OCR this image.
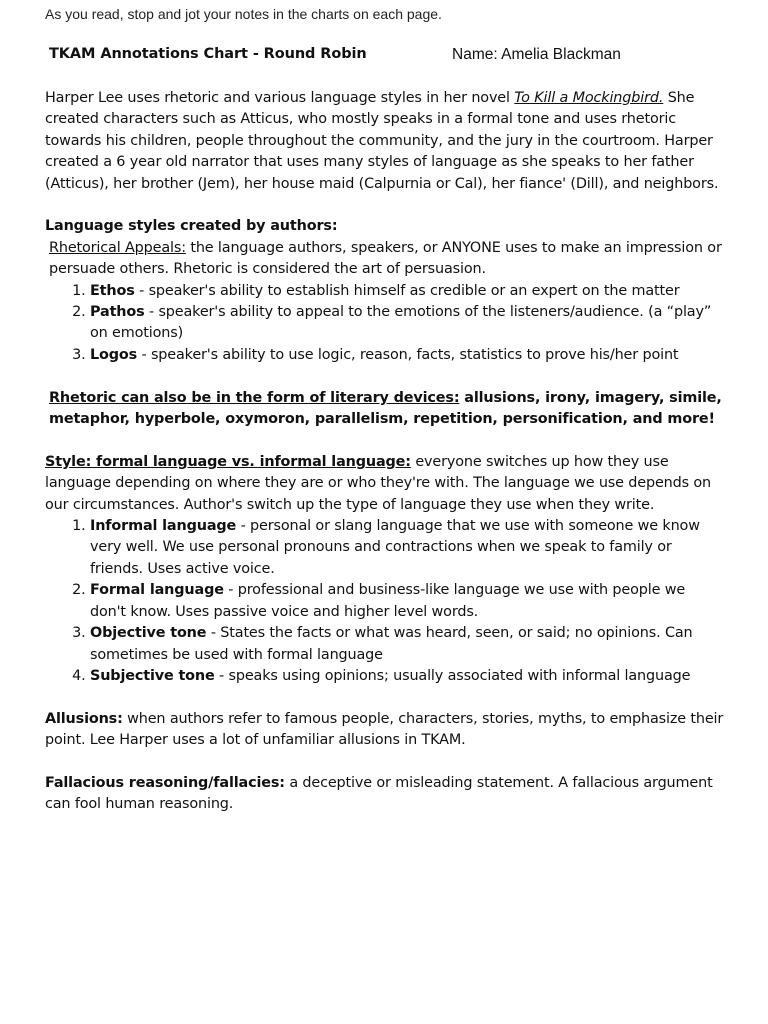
As you read, stop and jot your notes in the charts on each page.
TKAM Annotations Chart - Round Robin	Name: Amelia Blackman

Harper Lee uses rhetoric and various language styles in her novel To Kill a Mockingbird. She created characters such as Atticus, who mostly speaks in a formal tone and uses rhetoric towards his children, people throughout the community, and the jury in the courtroom. Harper created a 6 year old narrator that uses many styles of language as she speaks to her father (Atticus), her brother (Jem), her house maid (Calpurnia or Cal), her fiance' (Dill), and neighbors.

Language styles created by authors:

Rhetorical Appeals: the language authors, speakers, or ANYONE uses to make an impression or persuade others. Rhetoric is considered the art of persuasion.

1. Ethos - speaker's ability to establish himself as credible or an expert on the matter
2. Pathos - speaker's ability to appeal to the emotions of the listeners/audience. (a “play” on emotions)
3. Logos - speaker's ability to use logic, reason, facts, statistics to prove his/her point

Rhetoric can also be in the form of literary devices: allusions, irony, imagery, simile, metaphor, hyperbole, oxymoron, parallelism, repetition, personification, and more!

Style: formal language vs. informal language: everyone switches up how they use language depending on where they are or who they're with. The language we use depends on our circumstances. Author's switch up the type of language they use when they write.

1. Informal language - personal or slang language that we use with someone we know very well. We use personal pronouns and contractions when we speak to family or friends. Uses active voice.
2. Formal language - professional and business-like language we use with people we don't know. Uses passive voice and higher level words.
3. Objective tone - States the facts or what was heard, seen, or said; no opinions. Can sometimes be used with formal language
4. Subjective tone - speaks using opinions; usually associated with informal language

Allusions: when authors refer to famous people, characters, stories, myths, to emphasize their point. Lee Harper uses a lot of unfamiliar allusions in TKAM.

Fallacious reasoning/fallacies: a deceptive or misleading statement. A fallacious argument can fool human reasoning.
